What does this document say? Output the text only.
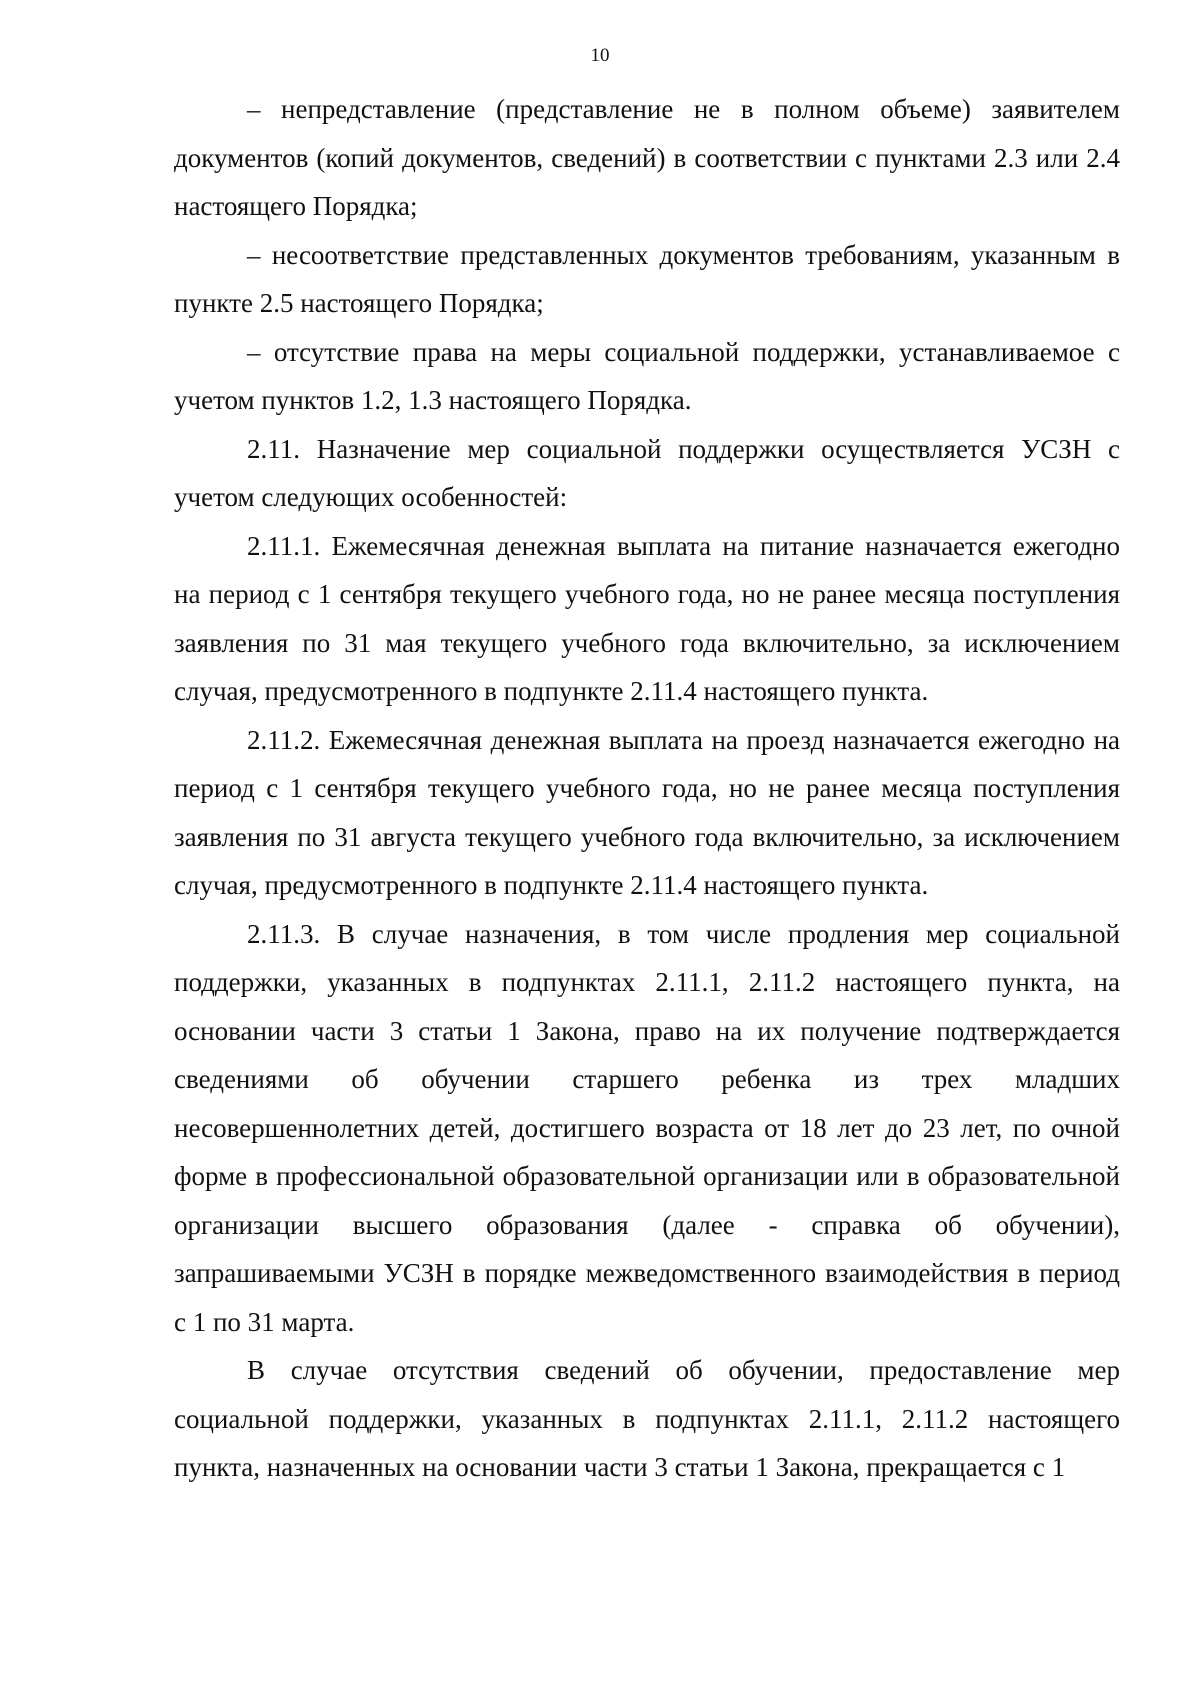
10

– непредставление (представление не в полном объеме) заявителем документов (копий документов, сведений) в соответствии с пунктами 2.3 или 2.4 настоящего Порядка;

– несоответствие представленных документов требованиям, указанным в пункте 2.5 настоящего Порядка;

– отсутствие права на меры социальной поддержки, устанавливаемое с учетом пунктов 1.2, 1.3 настоящего Порядка.

2.11. Назначение мер социальной поддержки осуществляется УСЗН с учетом следующих особенностей:

2.11.1. Ежемесячная денежная выплата на питание назначается ежегодно на период с 1 сентября текущего учебного года, но не ранее месяца поступления заявления по 31 мая текущего учебного года включительно, за исключением случая, предусмотренного в подпункте 2.11.4 настоящего пункта.

2.11.2. Ежемесячная денежная выплата на проезд назначается ежегодно на период с 1 сентября текущего учебного года, но не ранее месяца поступления заявления по 31 августа текущего учебного года включительно, за исключением случая, предусмотренного в подпункте 2.11.4 настоящего пункта.

2.11.3. В случае назначения, в том числе продления мер социальной поддержки, указанных в подпунктах 2.11.1, 2.11.2 настоящего пункта, на основании части 3 статьи 1 Закона, право на их получение подтверждается сведениями об обучении старшего ребенка из трех младших несовершеннолетних детей, достигшего возраста от 18 лет до 23 лет, по очной форме в профессиональной образовательной организации или в образовательной организации высшего образования (далее - справка об обучении), запрашиваемыми УСЗН в порядке межведомственного взаимодействия в период с 1 по 31 марта.

В случае отсутствия сведений об обучении, предоставление мер социальной поддержки, указанных в подпунктах 2.11.1, 2.11.2 настоящего пункта, назначенных на основании части 3 статьи 1 Закона, прекращается с 1
